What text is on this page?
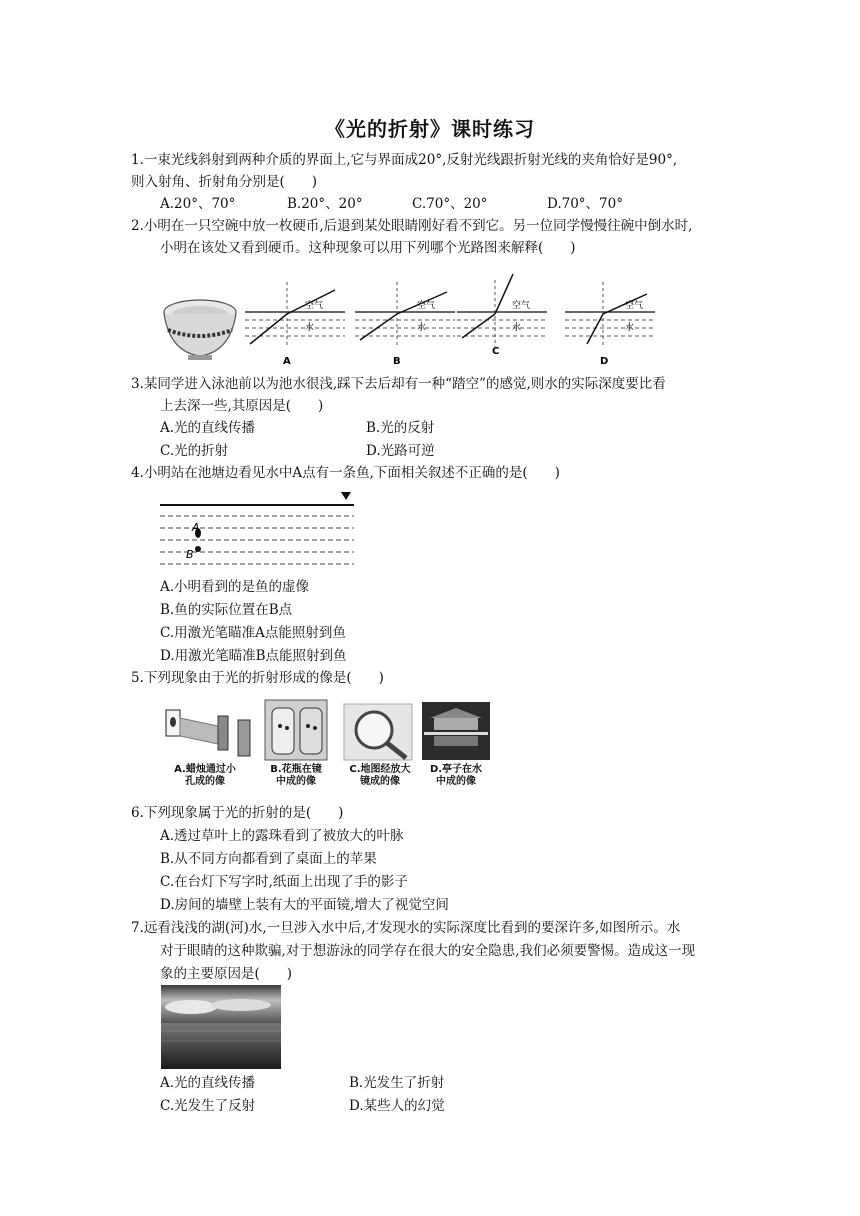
《光的折射》课时练习
1.一束光线斜射到两种介质的界面上,它与界面成20°,反射光线跟折射光线的夹角恰好是90°,
则入射角、折射角分别是(　　)
A.20°、70°	B.20°、20°	C.70°、20°	D.70°、70°
2.小明在一只空碗中放一枚硬币,后退到某处眼睛刚好看不到它。另一位同学慢慢往碗中倒水时,
小明在该处又看到硬币。这种现象可以用下列哪个光路图来解释(　　)
空气
水
A
空气
水
B
空气
水
C
空气
水
D
3.某同学进入泳池前以为池水很浅,踩下去后却有一种“踏空”的感觉,则水的实际深度要比看
上去深一些,其原因是(　　)
A.光的直线传播	B.光的反射
C.光的折射	D.光路可逆
4.小明站在池塘边看见水中A点有一条鱼,下面相关叙述不正确的是(　　)
A
B
A.小明看到的是鱼的虚像
B.鱼的实际位置在B点
C.用激光笔瞄准A点能照射到鱼
D.用激光笔瞄准B点能照射到鱼
5.下列现象由于光的折射形成的像是(　　)
A.蜡烛通过小
孔成的像
B.花瓶在镜
中成的像
C.地图经放大
镜成的像
D.亭子在水
中成的像
6.下列现象属于光的折射的是(　　)
A.透过草叶上的露珠看到了被放大的叶脉
B.从不同方向都看到了桌面上的苹果
C.在台灯下写字时,纸面上出现了手的影子
D.房间的墙壁上装有大的平面镜,增大了视觉空间
7.远看浅浅的湖(河)水,一旦涉入水中后,才发现水的实际深度比看到的要深许多,如图所示。水
对于眼睛的这种欺骗,对于想游泳的同学存在很大的安全隐患,我们必须要警惕。造成这一现
象的主要原因是(　　)
A.光的直线传播	B.光发生了折射
C.光发生了反射	D.某些人的幻觉
